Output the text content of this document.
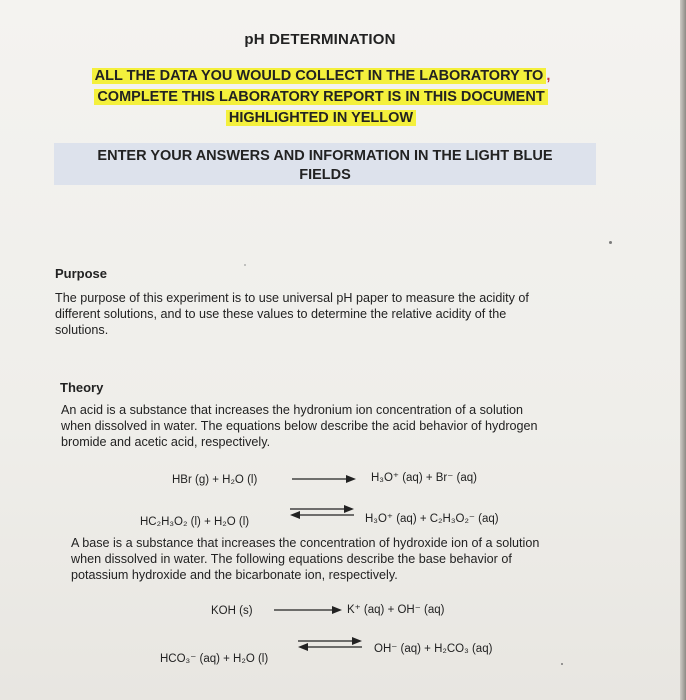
pH DETERMINATION
ALL THE DATA YOU WOULD COLLECT IN THE LABORATORY TO ,
COMPLETE THIS LABORATORY REPORT IS IN THIS DOCUMENT
HIGHLIGHTED IN YELLOW
ENTER YOUR ANSWERS AND INFORMATION IN THE LIGHT BLUE
FIELDS
Purpose
The purpose of this experiment is to use universal pH paper to measure the acidity of
different solutions, and to use these values to determine the relative acidity of the
solutions.
Theory
An acid is a substance that increases the hydronium ion concentration of a solution
when dissolved in water. The equations below describe the acid behavior of hydrogen
bromide and acetic acid, respectively.
HBr (g) + H₂O (l)	H₃O⁺ (aq) + Br⁻ (aq)
HC₂H₃O₂ (l) + H₂O (l)	H₃O⁺ (aq) + C₂H₃O₂⁻ (aq)
A base is a substance that increases the concentration of hydroxide ion of a solution
when dissolved in water. The following equations describe the base behavior of
potassium hydroxide and the bicarbonate ion, respectively.
KOH (s)	K⁺ (aq) + OH⁻ (aq)
HCO₃⁻ (aq) + H₂O (l)
OH⁻ (aq) + H₂CO₃ (aq)
